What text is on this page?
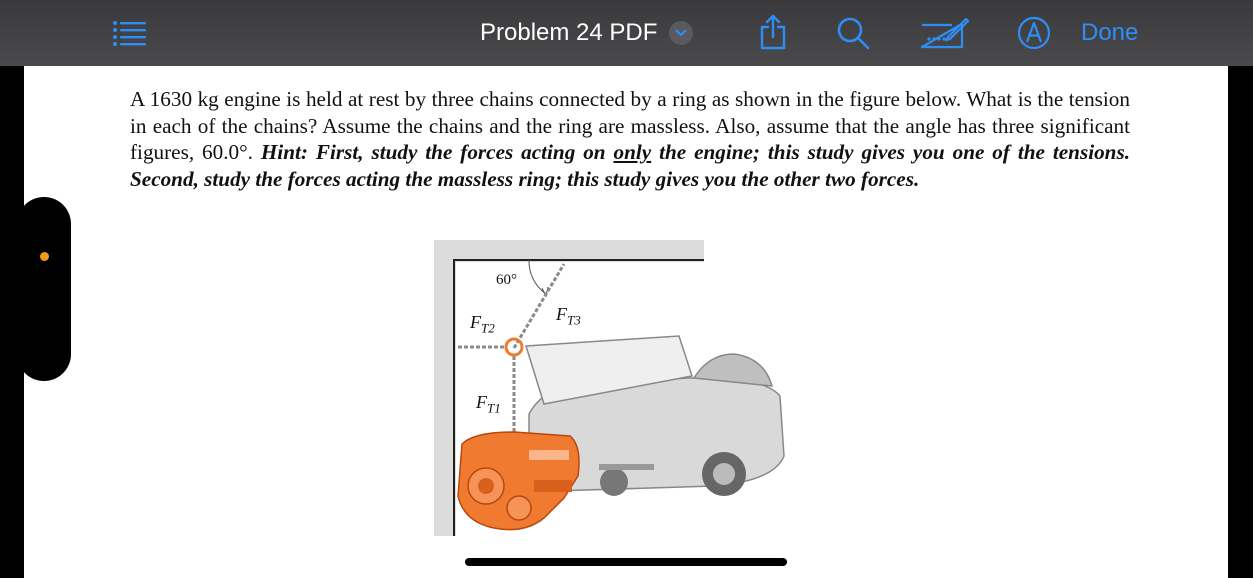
Problem 24 PDF	Done

A 1630 kg engine is held at rest by three chains connected by a ring as shown in the figure below. What is the tension in each of the chains? Assume the chains and the ring are massless. Also, assume that the angle has three significant figures, 60.0°. Hint: First, study the forces acting on only the engine; this study gives you one of the tensions. Second, study the forces acting the massless ring; this study gives you the other two forces.

60°
$F_{T2}$
$F_{T3}$
$F_{T1}$
